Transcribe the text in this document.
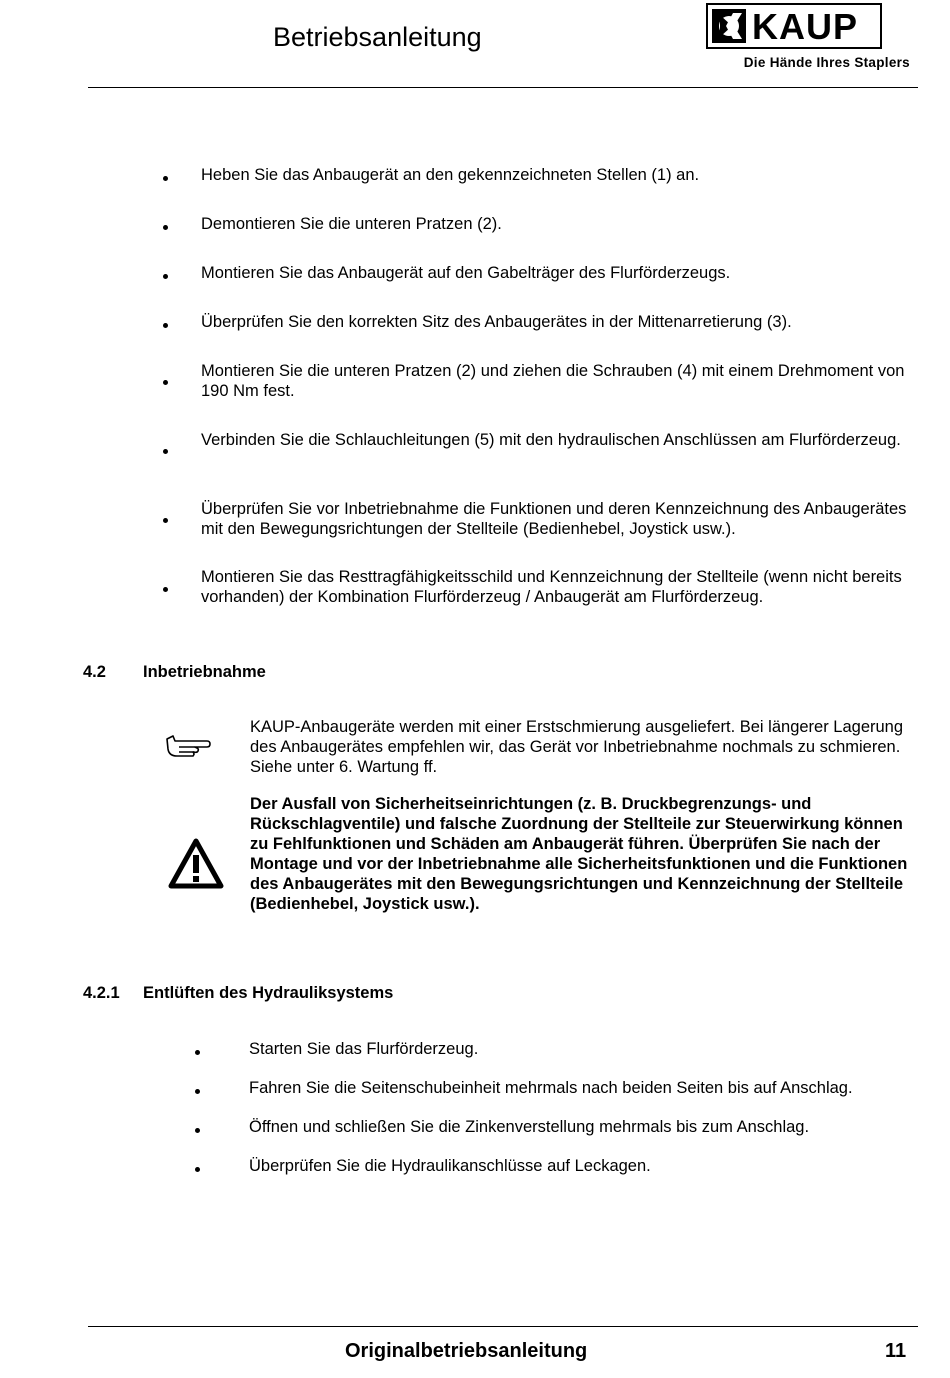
Betriebsanleitung	KAUP
Die Hände Ihres Staplers
Heben Sie das Anbaugerät an den gekennzeichneten Stellen (1) an.
Demontieren Sie die unteren Pratzen (2).
Montieren Sie das Anbaugerät auf den Gabelträger des Flurförderzeugs.
Überprüfen Sie den korrekten Sitz des Anbaugerätes in der Mittenarretierung (3).
Montieren Sie die unteren Pratzen (2) und ziehen die Schrauben (4) mit einem Drehmoment von 190 Nm fest.
Verbinden Sie die Schlauchleitungen (5) mit den hydraulischen Anschlüssen am Flurförderzeug.
Überprüfen Sie vor Inbetriebnahme die Funktionen und deren Kennzeichnung des Anbaugerätes mit den Bewegungsrichtungen der Stellteile (Bedienhebel, Joystick usw.).
Montieren Sie das Resttragfähigkeitsschild und Kennzeichnung der Stellteile (wenn nicht bereits vorhanden) der Kombination Flurförderzeug / Anbaugerät am Flurförderzeug.
4.2 Inbetriebnahme
KAUP-Anbaugeräte werden mit einer Erstschmierung ausgeliefert. Bei längerer Lagerung des Anbaugerätes empfehlen wir, das Gerät vor Inbetriebnahme nochmals zu schmieren. Siehe unter 6. Wartung ff.
Der Ausfall von Sicherheitseinrichtungen (z. B. Druckbegrenzungs- und Rückschlagventile) und falsche Zuordnung der Stellteile zur Steuerwirkung können zu Fehlfunktionen und Schäden am Anbaugerät führen. Überprüfen Sie nach der Montage und vor der Inbetriebnahme alle Sicherheitsfunktionen und die Funktionen des Anbaugerätes mit den Bewegungsrichtungen und Kennzeichnung der Stellteile (Bedienhebel, Joystick usw.).
4.2.1 Entlüften des Hydrauliksystems
Starten Sie das Flurförderzeug.
Fahren Sie die Seitenschubeinheit mehrmals nach beiden Seiten bis auf Anschlag.
Öffnen und schließen Sie die Zinkenverstellung mehrmals bis zum Anschlag.
Überprüfen Sie die Hydraulikanschlüsse auf Leckagen.
Originalbetriebsanleitung	11
